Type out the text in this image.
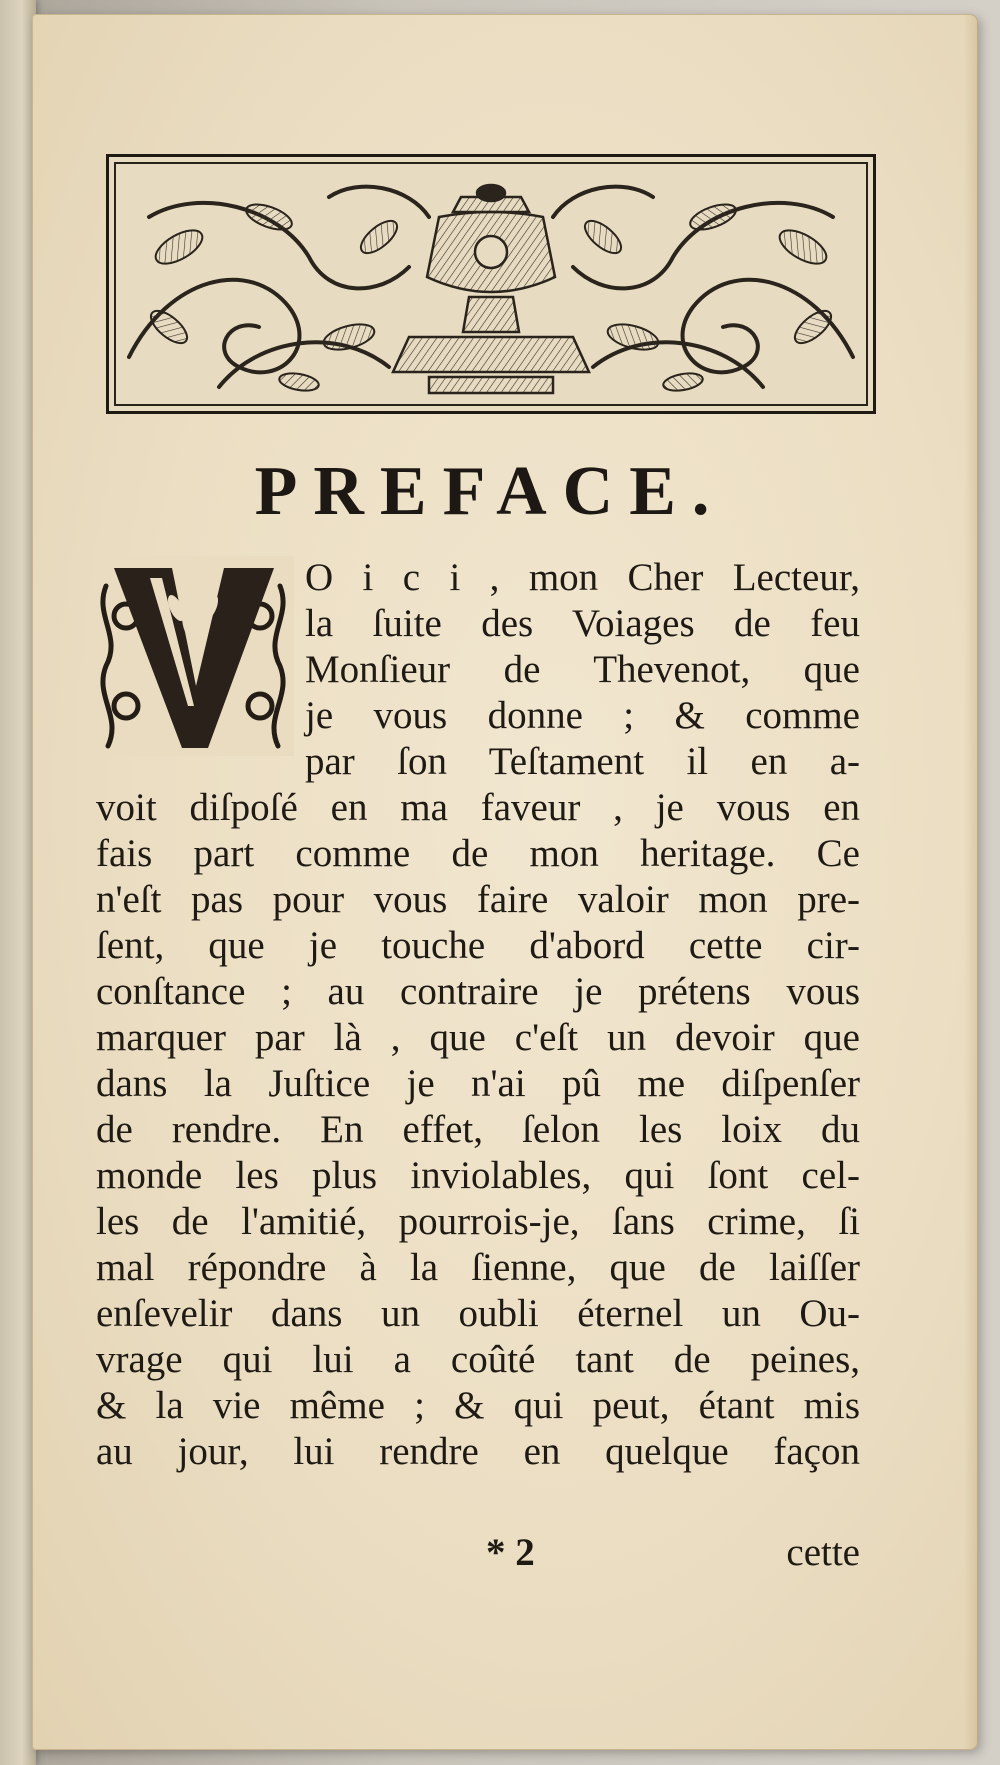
PREFACE.
O i c i , mon Cher Lecteur,
la ſuite des Voiages de feu
Monſieur de Thevenot, que
je vous donne ; & comme
par ſon Teſtament il en a-
voit diſpoſé en ma faveur , je vous en
fais part comme de mon heritage. Ce
n'eſt pas pour vous faire valoir mon pre-
ſent, que je touche d'abord cette cir-
conſtance ; au contraire je prétens vous
marquer par là , que c'eſt un devoir que
dans la Juſtice je n'ai pû me diſpenſer
de rendre. En effet, ſelon les loix du
monde les plus inviolables, qui ſont cel-
les de l'amitié, pourrois-je, ſans crime, ſi
mal répondre à la ſienne, que de laiſſer
enſevelir dans un oubli éternel un Ou-
vrage qui lui a coûté tant de peines,
& la vie même ; & qui peut, étant mis
au jour, lui rendre en quelque façon
* 2	cette
